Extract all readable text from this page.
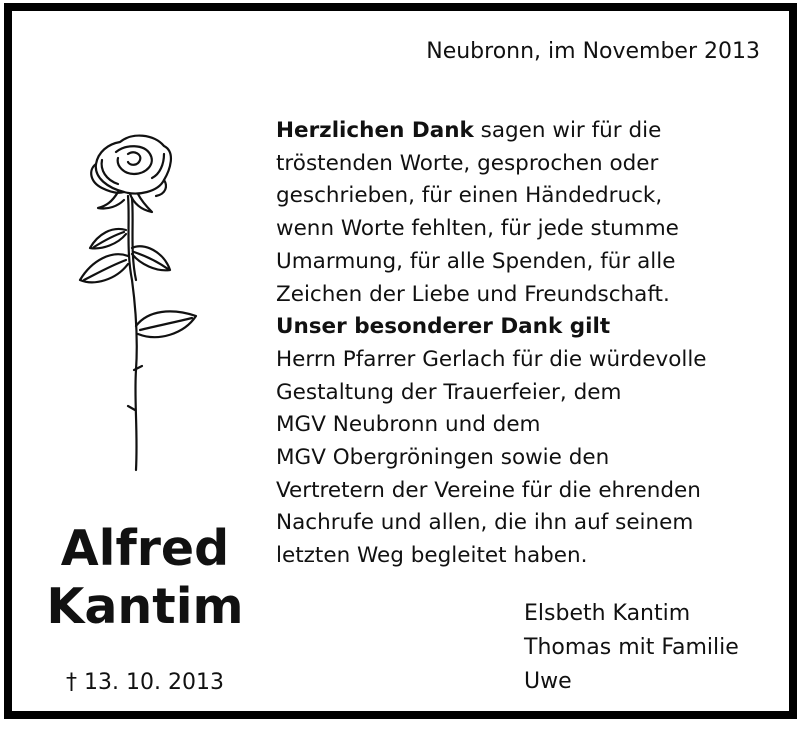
Neubronn, im November 2013
Herzlichen Dank sagen wir für die
tröstenden Worte, gesprochen oder
geschrieben, für einen Händedruck,
wenn Worte fehlten, für jede stumme
Umarmung, für alle Spenden, für alle
Zeichen der Liebe und Freundschaft.
Unser besonderer Dank gilt
Herrn Pfarrer Gerlach für die würdevolle
Gestaltung der Trauerfeier, dem
MGV Neubronn und dem
MGV Obergröningen sowie den
Vertretern der Vereine für die ehrenden
Nachrufe und allen, die ihn auf seinem
letzten Weg begleitet haben.
Alfred
Kantim
† 13. 10. 2013
Elsbeth Kantim
Thomas mit Familie
Uwe
